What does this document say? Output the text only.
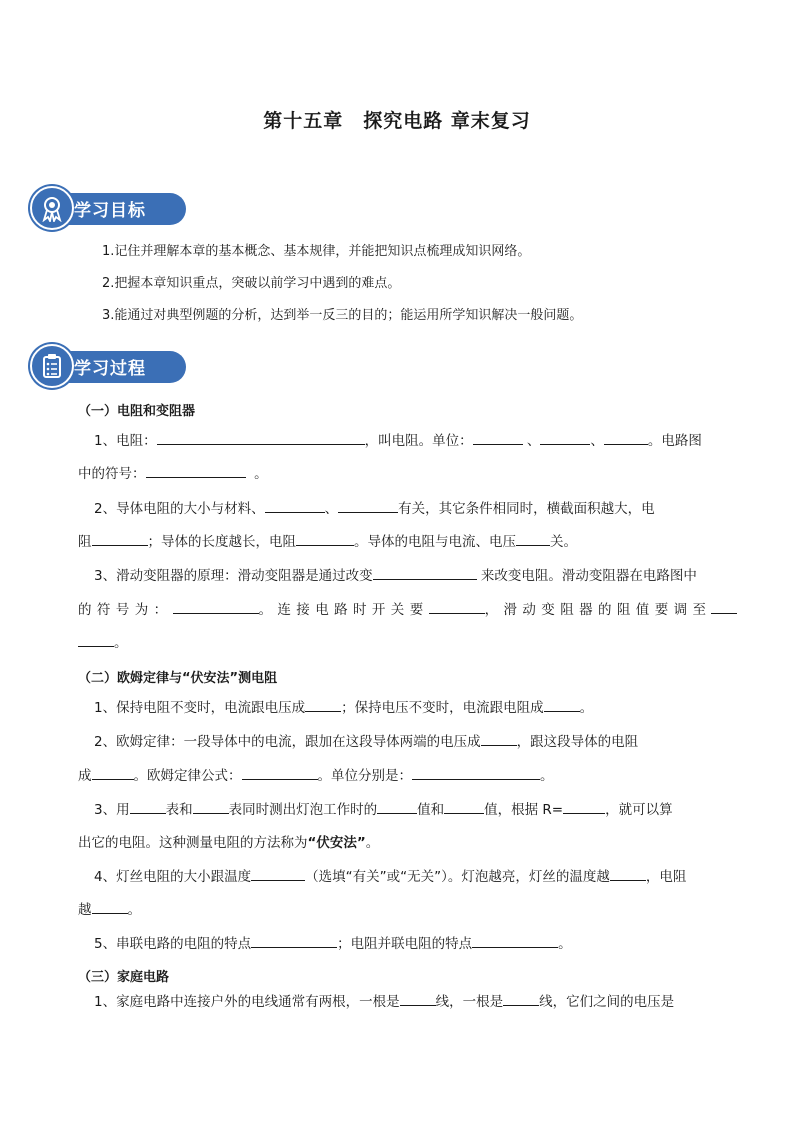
第十五章　探究电路 章末复习
学习目标
1.记住并理解本章的基本概念、基本规律，并能把知识点梳理成知识网络。
2.把握本章知识重点，突破以前学习中遇到的难点。
3.能通过对典型例题的分析，达到举一反三的目的；能运用所学知识解决一般问题。
学习过程
（一）电阻和变阻器
1、电阻：	，叫电阻。单位：	、	、	。电路图
中的符号：	。
2、导体电阻的大小与材料、	、	有关，其它条件相同时，横截面积越大，电
阻	；导体的长度越长，电阻	。导体的电阻与电流、电压	关。
3、滑动变阻器的原理：滑动变阻器是通过改变	来改变电阻。滑动变阻器在电路图中
的符号为：	。连接电路时开关要	，滑动变阻器的阻值要调至
。
（二）欧姆定律与“伏安法”测电阻
1、保持电阻不变时，电流跟电压成	；保持电压不变时，电流跟电阻成	。
2、欧姆定律：一段导体中的电流，跟加在这段导体两端的电压成	，跟这段导体的电阻
成	。欧姆定律公式：	。单位分别是：	。
3、用	表和	表同时测出灯泡工作时的	值和	值，根据 R=	，就可以算
出它的电阻。这种测量电阻的方法称为“伏安法”。
4、灯丝电阻的大小跟温度	（选填“有关”或“无关”）。灯泡越亮，灯丝的温度越	，电阻
越	。
5、串联电路的电阻的特点	；电阻并联电阻的特点	。
（三）家庭电路
1、家庭电路中连接户外的电线通常有两根，一根是	线，一根是	线，它们之间的电压是
